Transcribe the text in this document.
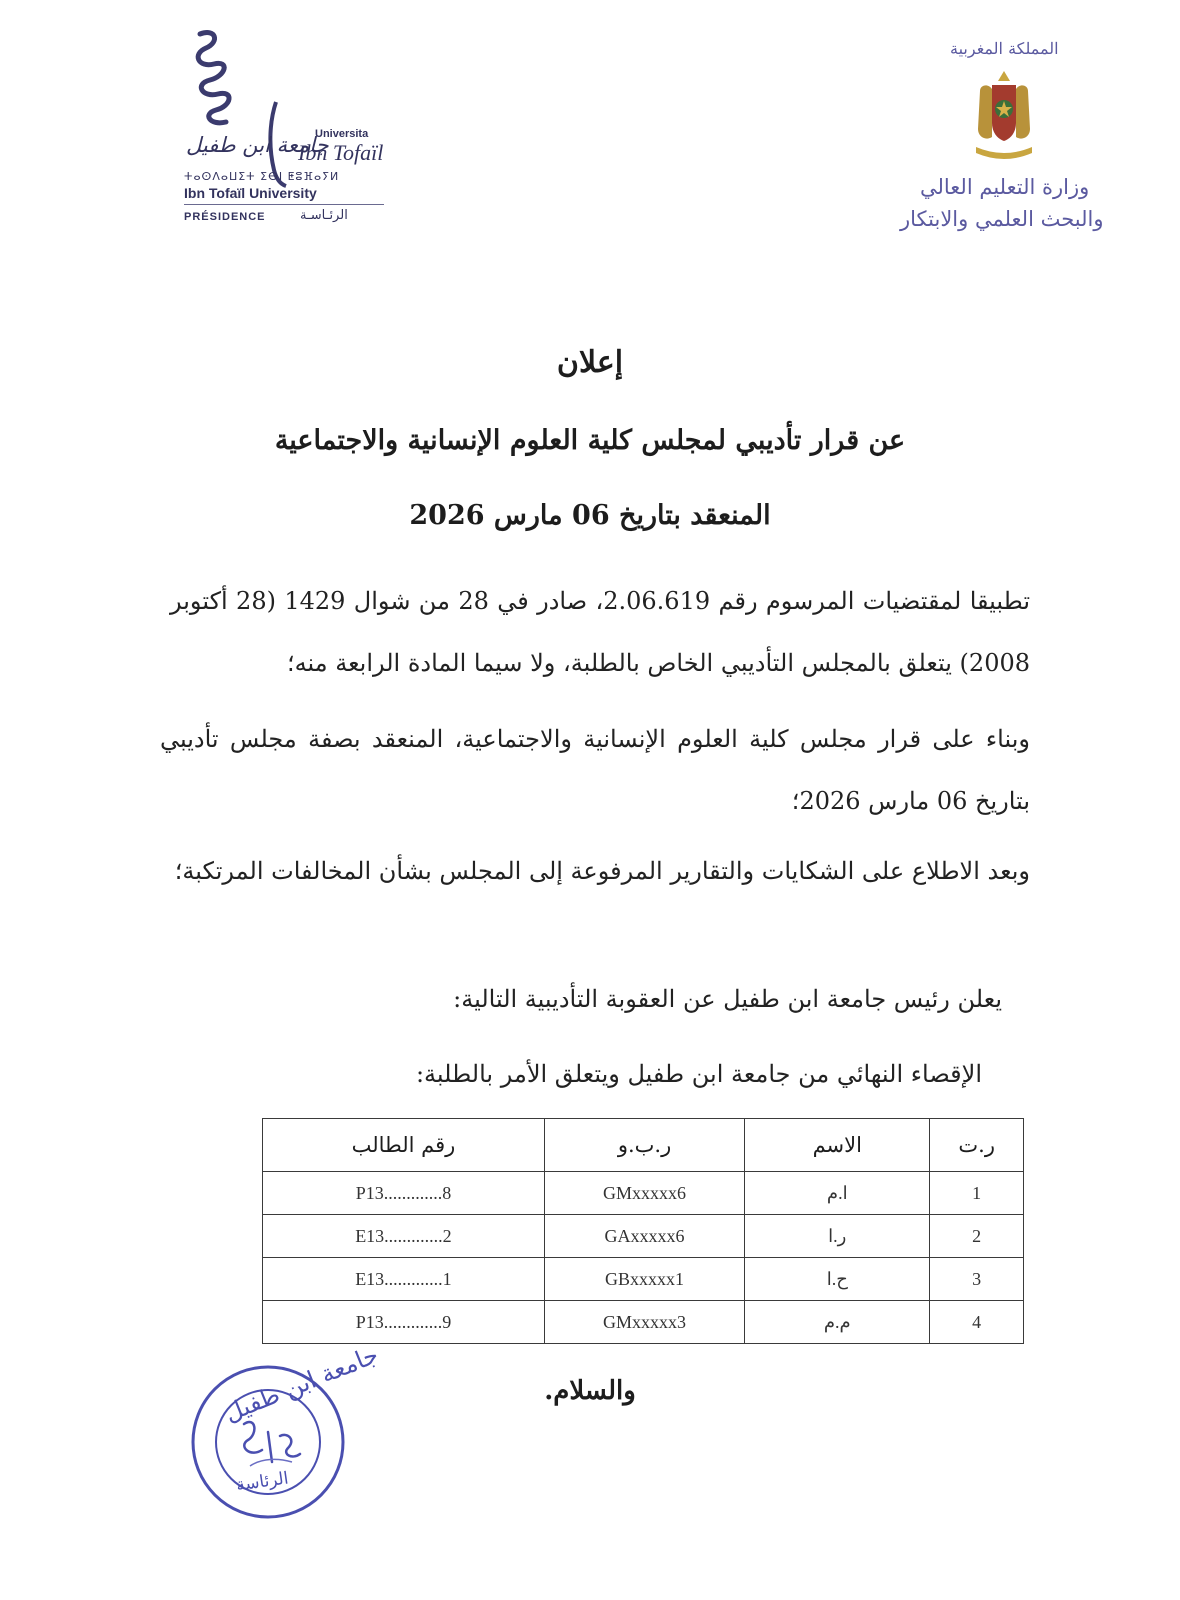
Universita
جامعة ابن طفيل
Ibn Tofaïl
ⵜⴰⵙⴷⴰⵡⵉⵜ ⵉⴱⵏ ⵟⵓⴼⴰⵢⵍ
Ibn Tofaïl University
PRÉSIDENCE	الرئـاسـة
المملكة المغربية
وزارة التعليم العالي
والبحث العلمي والابتكار
إعلان
عن قرار تأديبي لمجلس كلية العلوم الإنسانية والاجتماعية
المنعقد بتاريخ 06 مارس 2026
تطبيقا لمقتضيات المرسوم رقم 2.06.619، صادر في 28 من شوال 1429 (28 أكتوبر 2008) يتعلق بالمجلس التأديبي الخاص بالطلبة، ولا سيما المادة الرابعة منه؛
وبناء على قرار مجلس كلية العلوم الإنسانية والاجتماعية، المنعقد بصفة مجلس تأديبي بتاريخ 06 مارس 2026؛
وبعد الاطلاع على الشكايات والتقارير المرفوعة إلى المجلس بشأن المخالفات المرتكبة؛
يعلن رئيس جامعة ابن طفيل عن العقوبة التأديبية التالية:
الإقصاء النهائي من جامعة ابن طفيل ويتعلق الأمر بالطلبة:
ر.ت	الاسم	ر.ب.و	رقم الطالب
1	ا.م	GMxxxxx6	P13.............8
2	ر.ا	GAxxxxx6	E13.............2
3	ح.ا	GBxxxxx1	E13.............1
4	م.م	GMxxxxx3	P13.............9
والسلام.
جامعة ابن طفيل
الرئاسة
